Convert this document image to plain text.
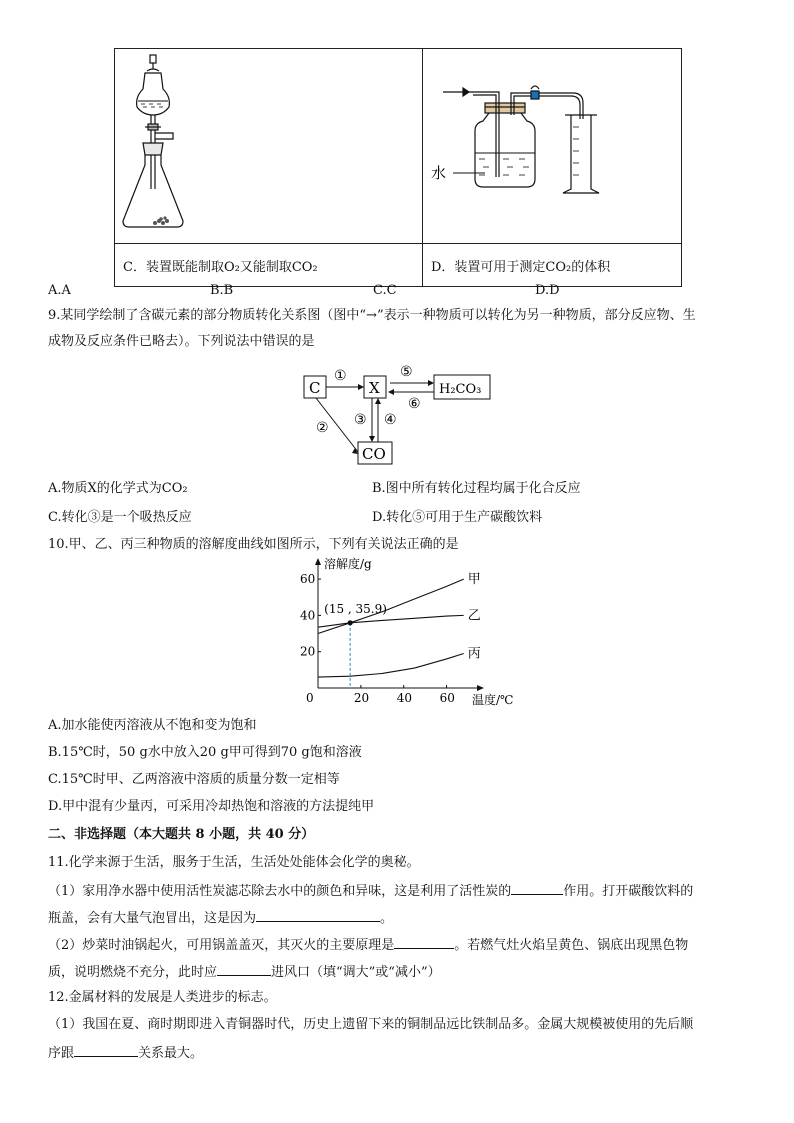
水

C．装置既能制取O₂又能制取CO₂	D．装置可用于测定CO₂的体积
A.A	B.B	C.C	D.D
9.某同学绘制了含碳元素的部分物质转化关系图（图中“→”表示一种物质可以转化为另一种物质，部分反应物、生
成物及反应条件已略去）。下列说法中错误的是
C	X	H₂CO₃
CO
①
② ③ ④
⑤
⑥
A.物质X的化学式为CO₂	B.图中所有转化过程均属于化合反应
C.转化③是一个吸热反应	D.转化⑤可用于生产碳酸饮料
10.甲、乙、丙三种物质的溶解度曲线如图所示，下列有关说法正确的是
溶解度/g
温度/℃
0	20 40 60
20
40
60	甲
乙
丙
(15 , 35.9)
A.加水能使丙溶液从不饱和变为饱和
B.15℃时，50 g水中放入20 g甲可得到70 g饱和溶液
C.15℃时甲、乙两溶液中溶质的质量分数一定相等
D.甲中混有少量丙，可采用冷却热饱和溶液的方法提纯甲
二、非选择题（本大题共 8 小题，共 40 分）
11.化学来源于生活，服务于生活，生活处处能体会化学的奥秘。
（1）家用净水器中使用活性炭滤芯除去水中的颜色和异味，这是利用了活性炭的	作用。打开碳酸饮料的
瓶盖，会有大量气泡冒出，这是因为	。
（2）炒菜时油锅起火，可用锅盖盖灭，其灭火的主要原理是	。若燃气灶火焰呈黄色、锅底出现黑色物
质，说明燃烧不充分，此时应	进风口（填“调大”或“减小”）
12.金属材料的发展是人类进步的标志。
（1）我国在夏、商时期即进入青铜器时代，历史上遗留下来的铜制品远比铁制品多。金属大规模被使用的先后顺
序跟	关系最大。
